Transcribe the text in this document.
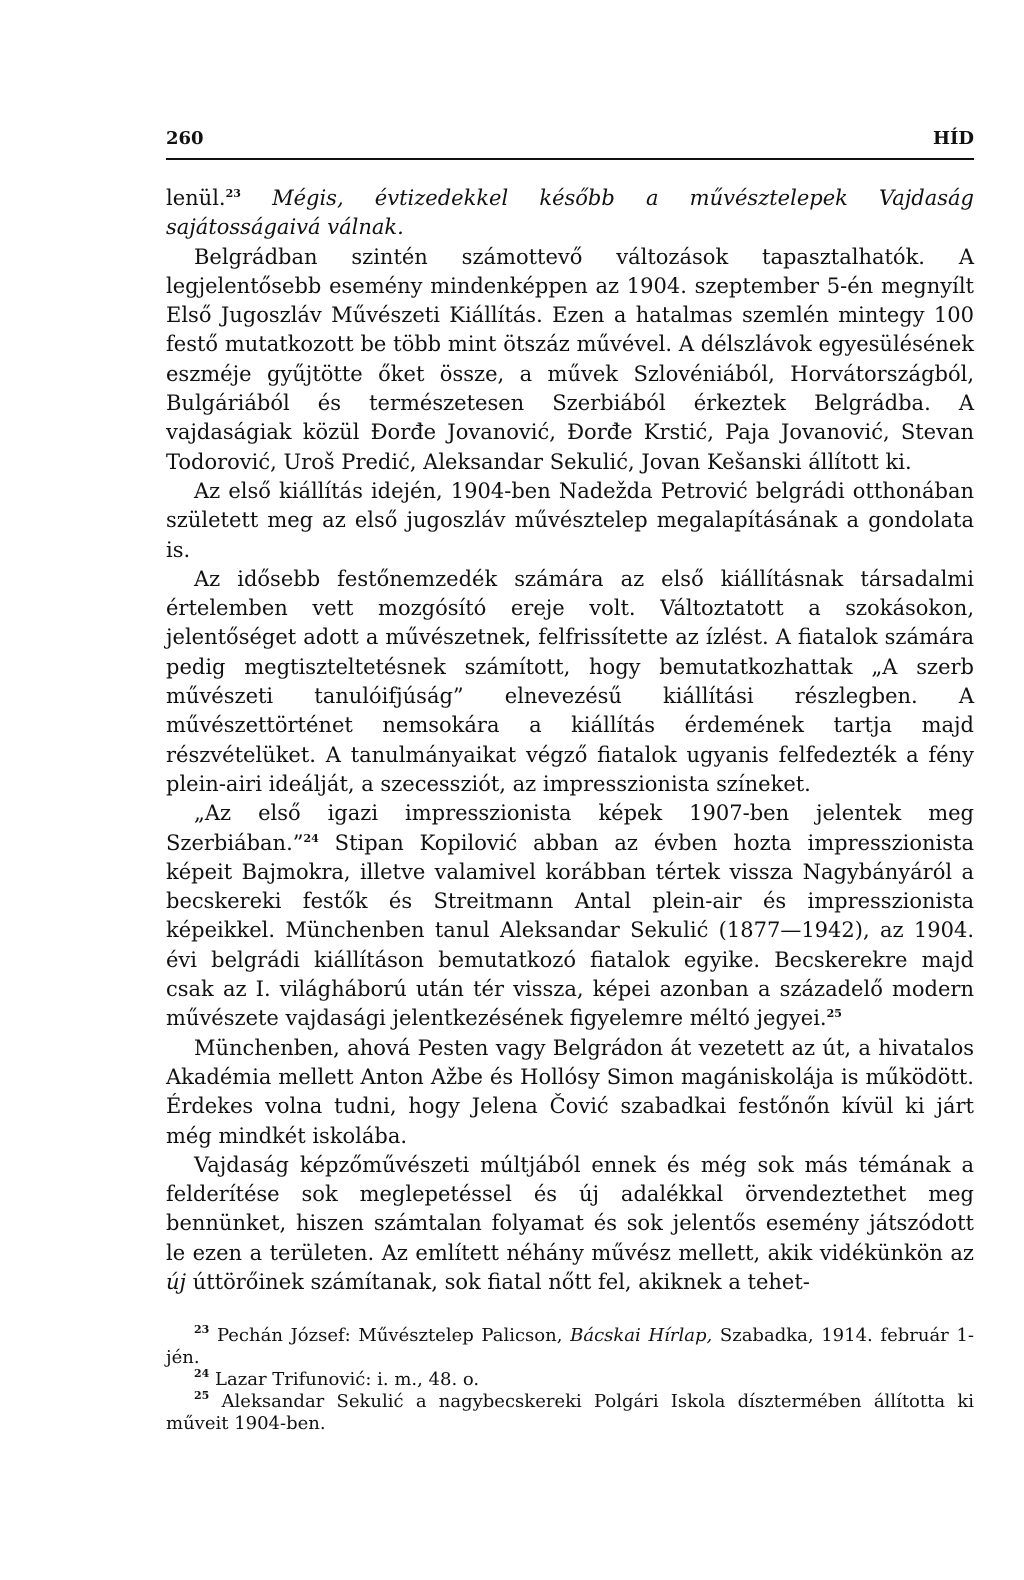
260	HÍD

lenül.$^{23}$ Mégis, évtizedekkel később a művésztelepek Vajdaság sajátosságaivá válnak.

Belgrádban szintén számottevő változások tapasztalhatók. A legjelentősebb esemény mindenképpen az 1904. szeptember 5-én megnyílt Első Jugoszláv Művészeti Kiállítás. Ezen a hatalmas szemlén mintegy 100 festő mutatkozott be több mint ötszáz művével. A délszlávok egyesülésének eszméje gyűjtötte őket össze, a művek Szlovéniából, Horvátországból, Bulgáriából és természetesen Szerbiából érkeztek Belgrádba. A vajdaságiak közül Đorđe Jovanović, Đorđe Krstić, Paja Jovanović, Stevan Todorović, Uroš Predić, Aleksandar Sekulić, Jovan Kešanski állított ki.

Az első kiállítás idején, 1904-ben Nadežda Petrović belgrádi otthonában született meg az első jugoszláv művésztelep megalapításának a gondolata is.

Az idősebb festőnemzedék számára az első kiállításnak társadalmi értelemben vett mozgósító ereje volt. Változtatott a szokásokon, jelentőséget adott a művészetnek, felfrissítette az ízlést. A fiatalok számára pedig megtiszteltetésnek számított, hogy bemutatkozhattak „A szerb művészeti tanulóifjúság” elnevezésű kiállítási részlegben. A művészettörténet nemsokára a kiállítás érdemének tartja majd részvételüket. A tanulmányaikat végző fiatalok ugyanis felfedezték a fény plein-airi ideálját, a szecessziót, az impresszionista színeket.

„Az első igazi impresszionista képek 1907-ben jelentek meg Szerbiában.”$^{24}$ Stipan Kopilović abban az évben hozta impresszionista képeit Bajmokra, illetve valamivel korábban tértek vissza Nagybányáról a becskereki festők és Streitmann Antal plein-air és impresszionista képeikkel. Münchenben tanul Aleksandar Sekulić (1877—1942), az 1904. évi belgrádi kiállításon bemutatkozó fiatalok egyike. Becskerekre majd csak az I. világháború után tér vissza, képei azonban a századelő modern művészete vajdasági jelentkezésének figyelemre méltó jegyei.$^{25}$

Münchenben, ahová Pesten vagy Belgrádon át vezetett az út, a hivatalos Akadémia mellett Anton Ažbe és Hollósy Simon magániskolája is működött. Érdekes volna tudni, hogy Jelena Čović szabadkai festőnőn kívül ki járt még mindkét iskolába.

Vajdaság képzőművészeti múltjából ennek és még sok más témának a felderítése sok meglepetéssel és új adalékkal örvendeztethet meg bennünket, hiszen számtalan folyamat és sok jelentős esemény játszódott le ezen a területen. Az említett néhány művész mellett, akik vidékünkön az új úttörőinek számítanak, sok fiatal nőtt fel, akiknek a tehet-

$^{23}$ Pechán József: Művésztelep Palicson, Bácskai Hírlap, Szabadka, 1914. február 1-jén.

$^{24}$ Lazar Trifunović: i. m., 48. o.

$^{25}$ Aleksandar Sekulić a nagybecskereki Polgári Iskola dísztermében állította ki műveit 1904-ben.
